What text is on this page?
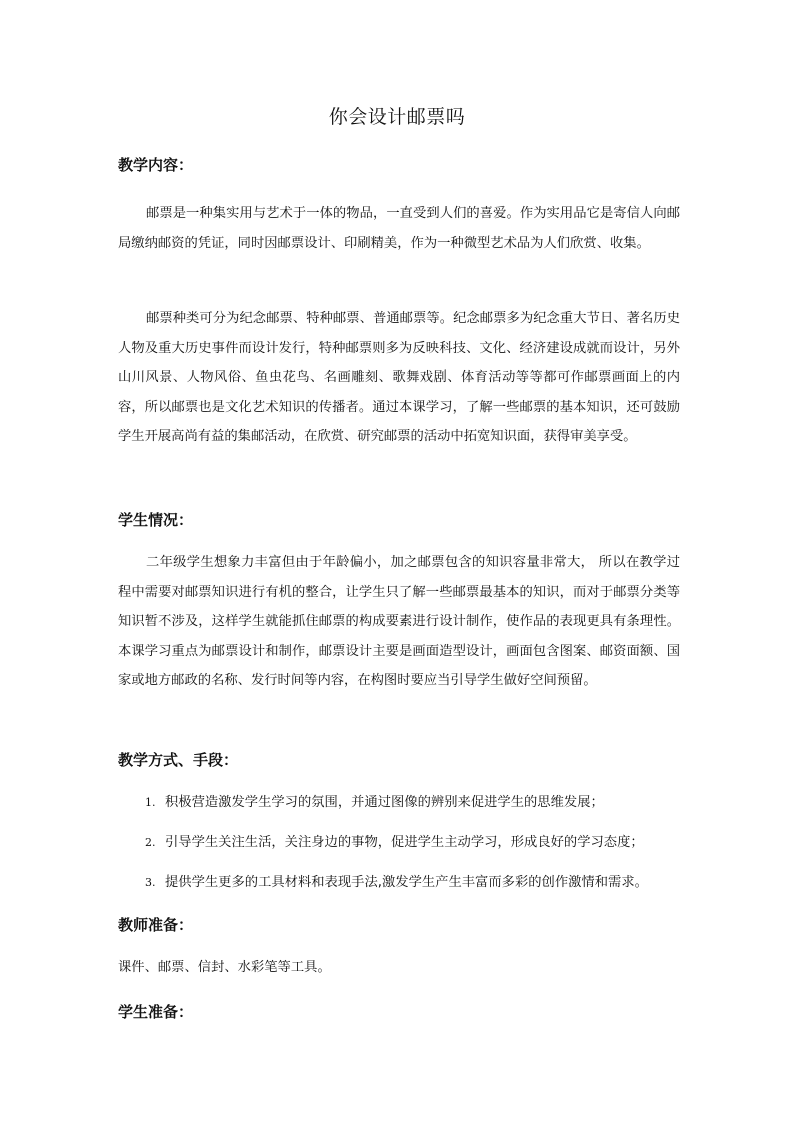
你会设计邮票吗
教学内容：

邮票是一种集实用与艺术于一体的物品，一直受到人们的喜爱。作为实用品它是寄信人向邮局缴纳邮资的凭证，同时因邮票设计、印刷精美，作为一种微型艺术品为人们欣赏、收集。

邮票种类可分为纪念邮票、特种邮票、普通邮票等。纪念邮票多为纪念重大节日、著名历史人物及重大历史事件而设计发行，特种邮票则多为反映科技、文化、经济建设成就而设计，另外山川风景、人物风俗、鱼虫花鸟、名画雕刻、歌舞戏剧、体育活动等等都可作邮票画面上的内容，所以邮票也是文化艺术知识的传播者。通过本课学习，了解一些邮票的基本知识，还可鼓励学生开展高尚有益的集邮活动，在欣赏、研究邮票的活动中拓宽知识面，获得审美享受。

学生情况：

二年级学生想象力丰富但由于年龄偏小，加之邮票包含的知识容量非常大， 所以在教学过程中需要对邮票知识进行有机的整合，让学生只了解一些邮票最基本的知识，而对于邮票分类等知识暂不涉及，这样学生就能抓住邮票的构成要素进行设计制作，使作品的表现更具有条理性。本课学习重点为邮票设计和制作，邮票设计主要是画面造型设计，画面包含图案、邮资面额、国家或地方邮政的名称、发行时间等内容，在构图时要应当引导学生做好空间预留。

教学方式、手段：
1. 积极营造激发学生学习的氛围，并通过图像的辨别来促进学生的思维发展；
2. 引导学生关注生活，关注身边的事物，促进学生主动学习，形成良好的学习态度；
3. 提供学生更多的工具材料和表现手法,激发学生产生丰富而多彩的创作激情和需求。
教师准备：

课件、邮票、信封、水彩笔等工具。

学生准备：
